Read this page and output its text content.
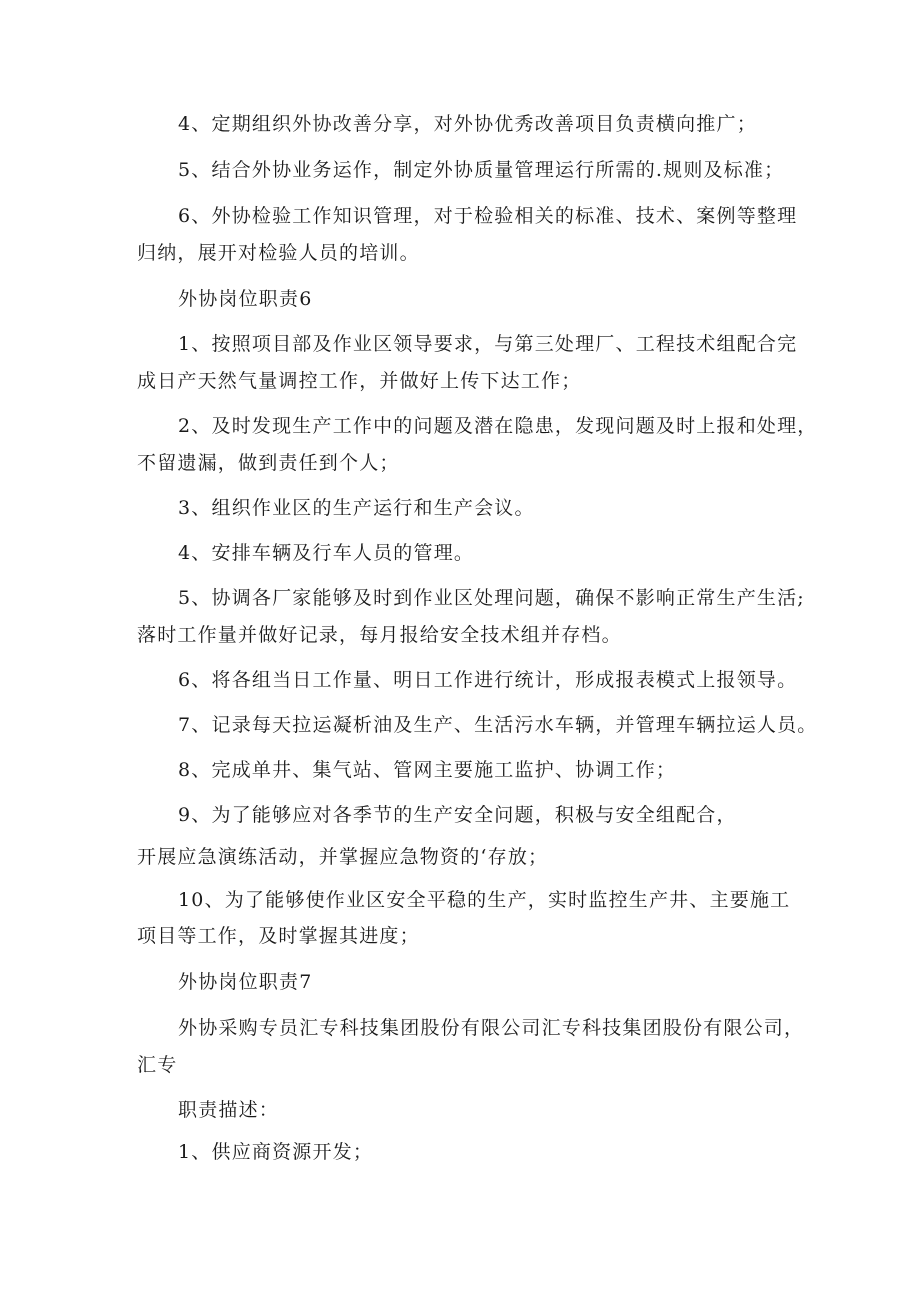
4、定期组织外协改善分享，对外协优秀改善项目负责横向推广；
5、结合外协业务运作，制定外协质量管理运行所需的.规则及标准；
6、外协检验工作知识管理，对于检验相关的标准、技术、案例等整理
归纳，展开对检验人员的培训。
外协岗位职责6
1、按照项目部及作业区领导要求，与第三处理厂、工程技术组配合完
成日产天然气量调控工作，并做好上传下达工作；
2、及时发现生产工作中的问题及潜在隐患，发现问题及时上报和处理，
不留遗漏，做到责任到个人；
3、组织作业区的生产运行和生产会议。
4、安排车辆及行车人员的管理。
5、协调各厂家能够及时到作业区处理问题，确保不影响正常生产生活;
落时工作量并做好记录，每月报给安全技术组并存档。
6、将各组当日工作量、明日工作进行统计，形成报表模式上报领导。
7、记录每天拉运凝析油及生产、生活污水车辆，并管理车辆拉运人员。
8、完成单井、集气站、管网主要施工监护、协调工作；
9、为了能够应对各季节的生产安全问题，积极与安全组配合，
开展应急演练活动，并掌握应急物资的‘存放；
10、为了能够使作业区安全平稳的生产，实时监控生产井、主要施工
项目等工作，及时掌握其进度；
外协岗位职责7
外协采购专员汇专科技集团股份有限公司汇专科技集团股份有限公司，
汇专
职责描述：
1、供应商资源开发；
